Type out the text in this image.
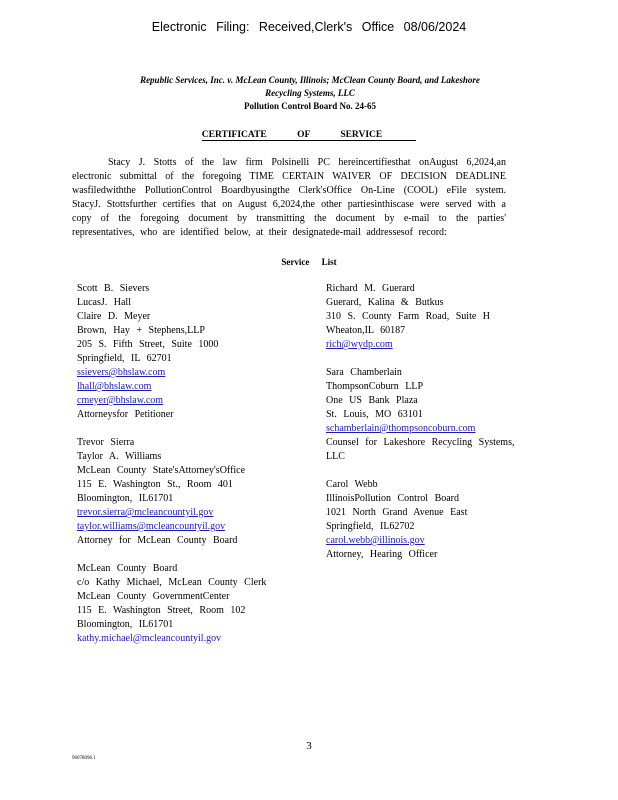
Electronic Filing: Received,Clerk's Office 08/06/2024
Republic Services, Inc. v. McLean County, Illinois; McClean County Board, and Lakeshore
Recycling Systems, LLC
Pollution Control Board No. 24-65
CERTIFICATE OF SERVICE
Stacy J. Stotts of the law firm Polsinelli PC hereincertifiesthat onAugust 6,2024,an electronic submittal of the foregoing TIME CERTAIN WAIVER OF DECISION DEADLINE wasfiledwiththe PollutionControl Boardbyusingthe Clerk'sOffice On-Line (COOL) eFile system. StacyJ. Stottsfurther certifies that on August 6,2024,the other partiesinthiscase were served with a copy of the foregoing document by transmitting the document by e-mail to the parties' representatives, who are identified below, at their designatede-mail addressesof record:
Service List
Scott B. Sievers
LucasJ. Hall
Claire D. Meyer
Brown, Hay + Stephens,LLP
205 S. Fifth Street, Suite 1000
Springfield, IL 62701
ssievers@bhslaw.com
lhall@bhslaw.com
cmeyer@bhslaw.com
Attorneysfor Petitioner
Trevor Sierra
Taylor A. Williams
McLean County State'sAttorney'sOffice
115 E. Washington St., Room 401
Bloomington, IL61701
trevor.sierra@mcleancountyil.gov
taylor.williams@mcleancountyil.gov
Attorney for McLean County Board
McLean County Board
c/o Kathy Michael, McLean County Clerk
McLean County GovernmentCenter
115 E. Washington Street, Room 102
Bloomington, IL61701
kathy.michael@mcleancountyil.gov
Richard M. Guerard
Guerard, Kalina & Butkus
310 S. County Farm Road, Suite H
Wheaton,IL 60187
rich@wydp.com
Sara Chamberlain
ThompsonCoburn LLP
One US Bank Plaza
St. Louis, MO 63101
schamberlain@thompsoncoburn.com
Counsel for Lakeshore Recycling Systems, LLC
Carol Webb
IllinoisPollution Control Board
1021 North Grand Avenue East
Springfield, IL62702
carol.webb@illinois.gov
Attorney, Hearing Officer
3
96078096.1
